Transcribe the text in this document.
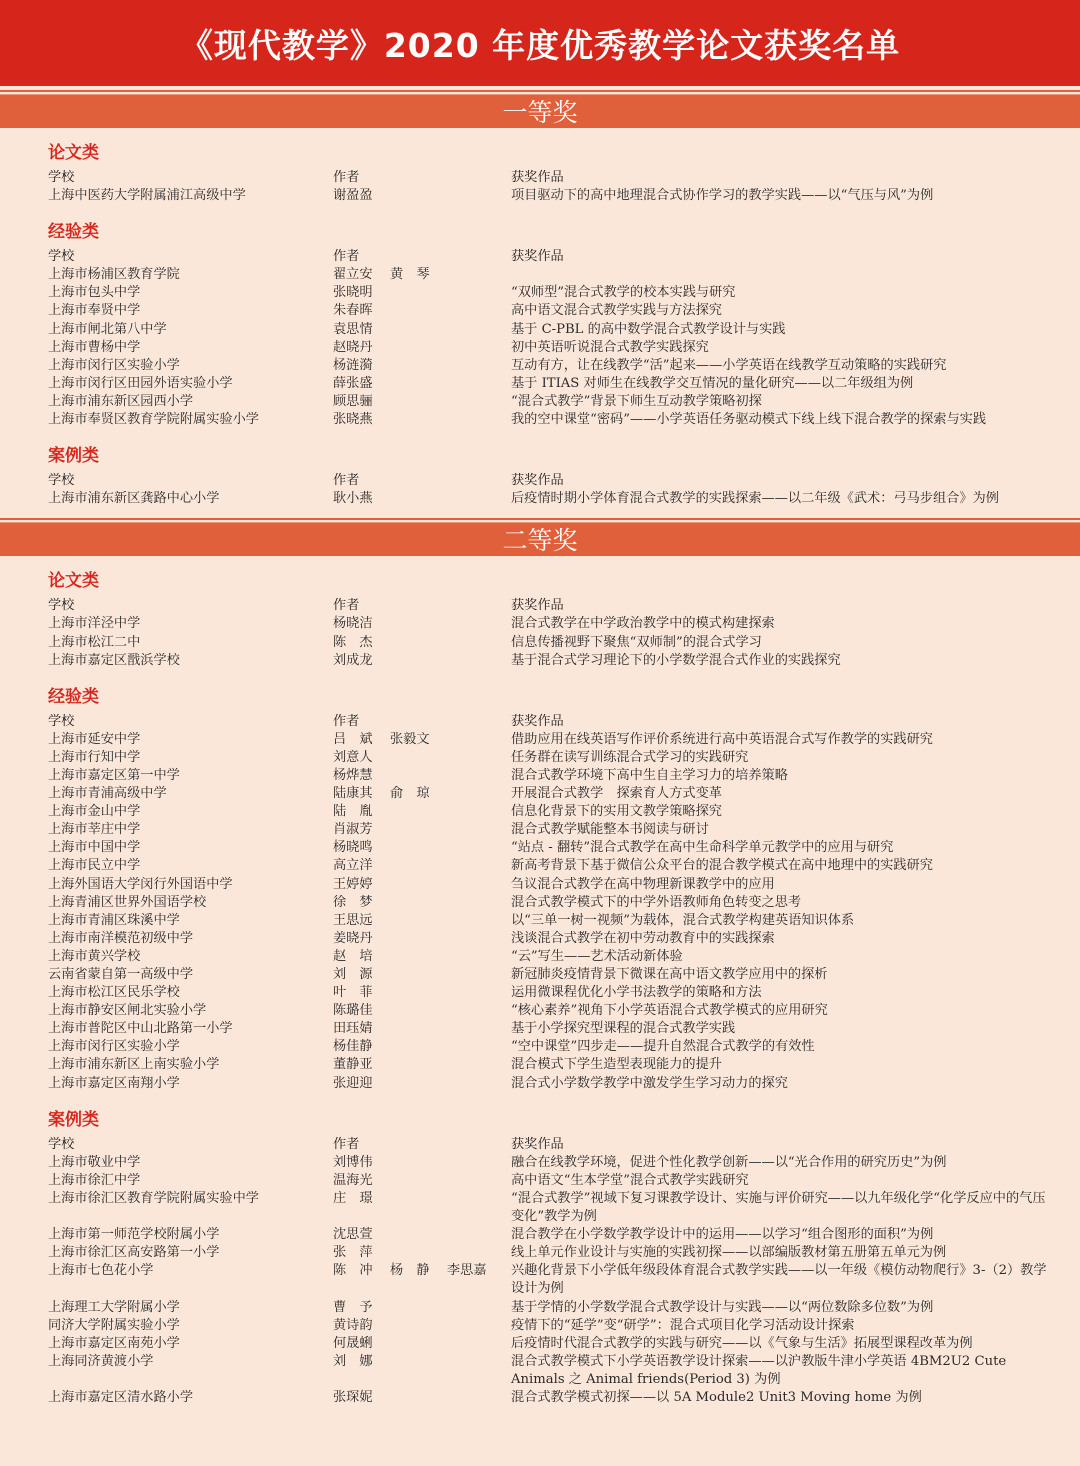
《现代教学》2020 年度优秀教学论文获奖名单
一等奖
论文类
学校	作者	获奖作品
上海中医药大学附属浦江高级中学	谢盈盈	项目驱动下的高中地理混合式协作学习的教学实践——以“气压与风”为例
经验类
学校	作者	获奖作品
上海市杨浦区教育学院	翟立安　 黄　琴
上海市包头中学	张晓明	“双师型”混合式教学的校本实践与研究
上海市奉贤中学	朱春晖	高中语文混合式教学实践与方法探究
上海市闸北第八中学	袁思情	基于 C-PBL 的高中数学混合式教学设计与实践
上海市曹杨中学	赵晓丹	初中英语听说混合式教学实践探究
上海市闵行区实验小学	杨涟漪	互动有方，让在线教学“活”起来——小学英语在线教学互动策略的实践研究
上海市闵行区田园外语实验小学	薛张盛	基于 ITIAS 对师生在线教学交互情况的量化研究——以二年级组为例
上海市浦东新区园西小学	顾思骊	“混合式教学”背景下师生互动教学策略初探
上海市奉贤区教育学院附属实验小学	张晓燕	我的空中课堂“密码”——小学英语任务驱动模式下线上线下混合教学的探索与实践
案例类
学校	作者	获奖作品
上海市浦东新区龚路中心小学	耿小燕	后疫情时期小学体育混合式教学的实践探索——以二年级《武术：弓马步组合》为例
二等奖
论文类
学校	作者	获奖作品
上海市洋泾中学	杨晓洁	混合式教学在中学政治教学中的模式构建探索
上海市松江二中	陈　杰	信息传播视野下聚焦“双师制”的混合式学习
上海市嘉定区戬浜学校	刘成龙	基于混合式学习理论下的小学数学混合式作业的实践探究
经验类
学校	作者	获奖作品
上海市延安中学	吕　斌　 张毅文	借助应用在线英语写作评价系统进行高中英语混合式写作教学的实践研究
上海市行知中学	刘意人	任务群在读写训练混合式学习的实践研究
上海市嘉定区第一中学	杨烨慧	混合式教学环境下高中生自主学习力的培养策略
上海市青浦高级中学	陆康其　 俞　琼	开展混合式教学　探索育人方式变革
上海市金山中学	陆　胤	信息化背景下的实用文教学策略探究
上海市莘庄中学	肖淑芳	混合式教学赋能整本书阅读与研讨
上海市中国中学	杨晓鸣	“站点 - 翻转”混合式教学在高中生命科学单元教学中的应用与研究
上海市民立中学	高立洋	新高考背景下基于微信公众平台的混合教学模式在高中地理中的实践研究
上海外国语大学闵行外国语中学	王婷婷	刍议混合式教学在高中物理新课教学中的应用
上海青浦区世界外国语学校	徐　梦	混合式教学模式下的中学外语教师角色转变之思考
上海市青浦区珠溪中学	王思远	以“三单一树一视频”为载体，混合式教学构建英语知识体系
上海市南洋模范初级中学	姜晓丹	浅谈混合式教学在初中劳动教育中的实践探索
上海市黄兴学校	赵　培	“云”写生——艺术活动新体验
云南省蒙自第一高级中学	刘　源	新冠肺炎疫情背景下微课在高中语文教学应用中的探析
上海市松江区民乐学校	叶　菲	运用微课程优化小学书法教学的策略和方法
上海市静安区闸北实验小学	陈璐佳	“核心素养”视角下小学英语混合式教学模式的应用研究
上海市普陀区中山北路第一小学	田珏婧	基于小学探究型课程的混合式教学实践
上海市闵行区实验小学	杨佳静	“空中课堂”四步走——提升自然混合式教学的有效性
上海市浦东新区上南实验小学	董静亚	混合模式下学生造型表现能力的提升
上海市嘉定区南翔小学	张迎迎	混合式小学数学教学中激发学生学习动力的探究
案例类
学校	作者	获奖作品
上海市敬业中学	刘博伟	融合在线教学环境，促进个性化教学创新——以“光合作用的研究历史”为例
上海市徐汇中学	温海光	高中语文“生本学堂”混合式教学实践研究
上海市徐汇区教育学院附属实验中学	庄　璟	“混合式教学”视域下复习课教学设计、实施与评价研究——以九年级化学“化学反应中的气压变化”教学为例
上海市第一师范学校附属小学	沈思萱	混合教学在小学数学教学设计中的运用——以学习“组合图形的面积”为例
上海市徐汇区高安路第一小学	张　萍	线上单元作业设计与实施的实践初探——以部编版教材第五册第五单元为例
上海市七色花小学	陈　冲　 杨　静　 李思嘉	兴趣化背景下小学低年级段体育混合式教学实践——以一年级《模仿动物爬行》3-（2）教学设计为例
上海理工大学附属小学	曹　予	基于学情的小学数学混合式教学设计与实践——以“两位数除多位数”为例
同济大学附属实验小学	黄诗韵	疫情下的“延学”变“研学”：混合式项目化学习活动设计探索
上海市嘉定区南苑小学	何晟蜊	后疫情时代混合式教学的实践与研究——以《气象与生活》拓展型课程改革为例
上海同济黄渡小学	刘　娜	混合式教学模式下小学英语教学设计探索——以沪教版牛津小学英语 4BM2U2 Cute Animals 之 Animal friends(Period 3) 为例
上海市嘉定区清水路小学	张琛妮	混合式教学模式初探——以 5A Module2 Unit3 Moving home 为例
